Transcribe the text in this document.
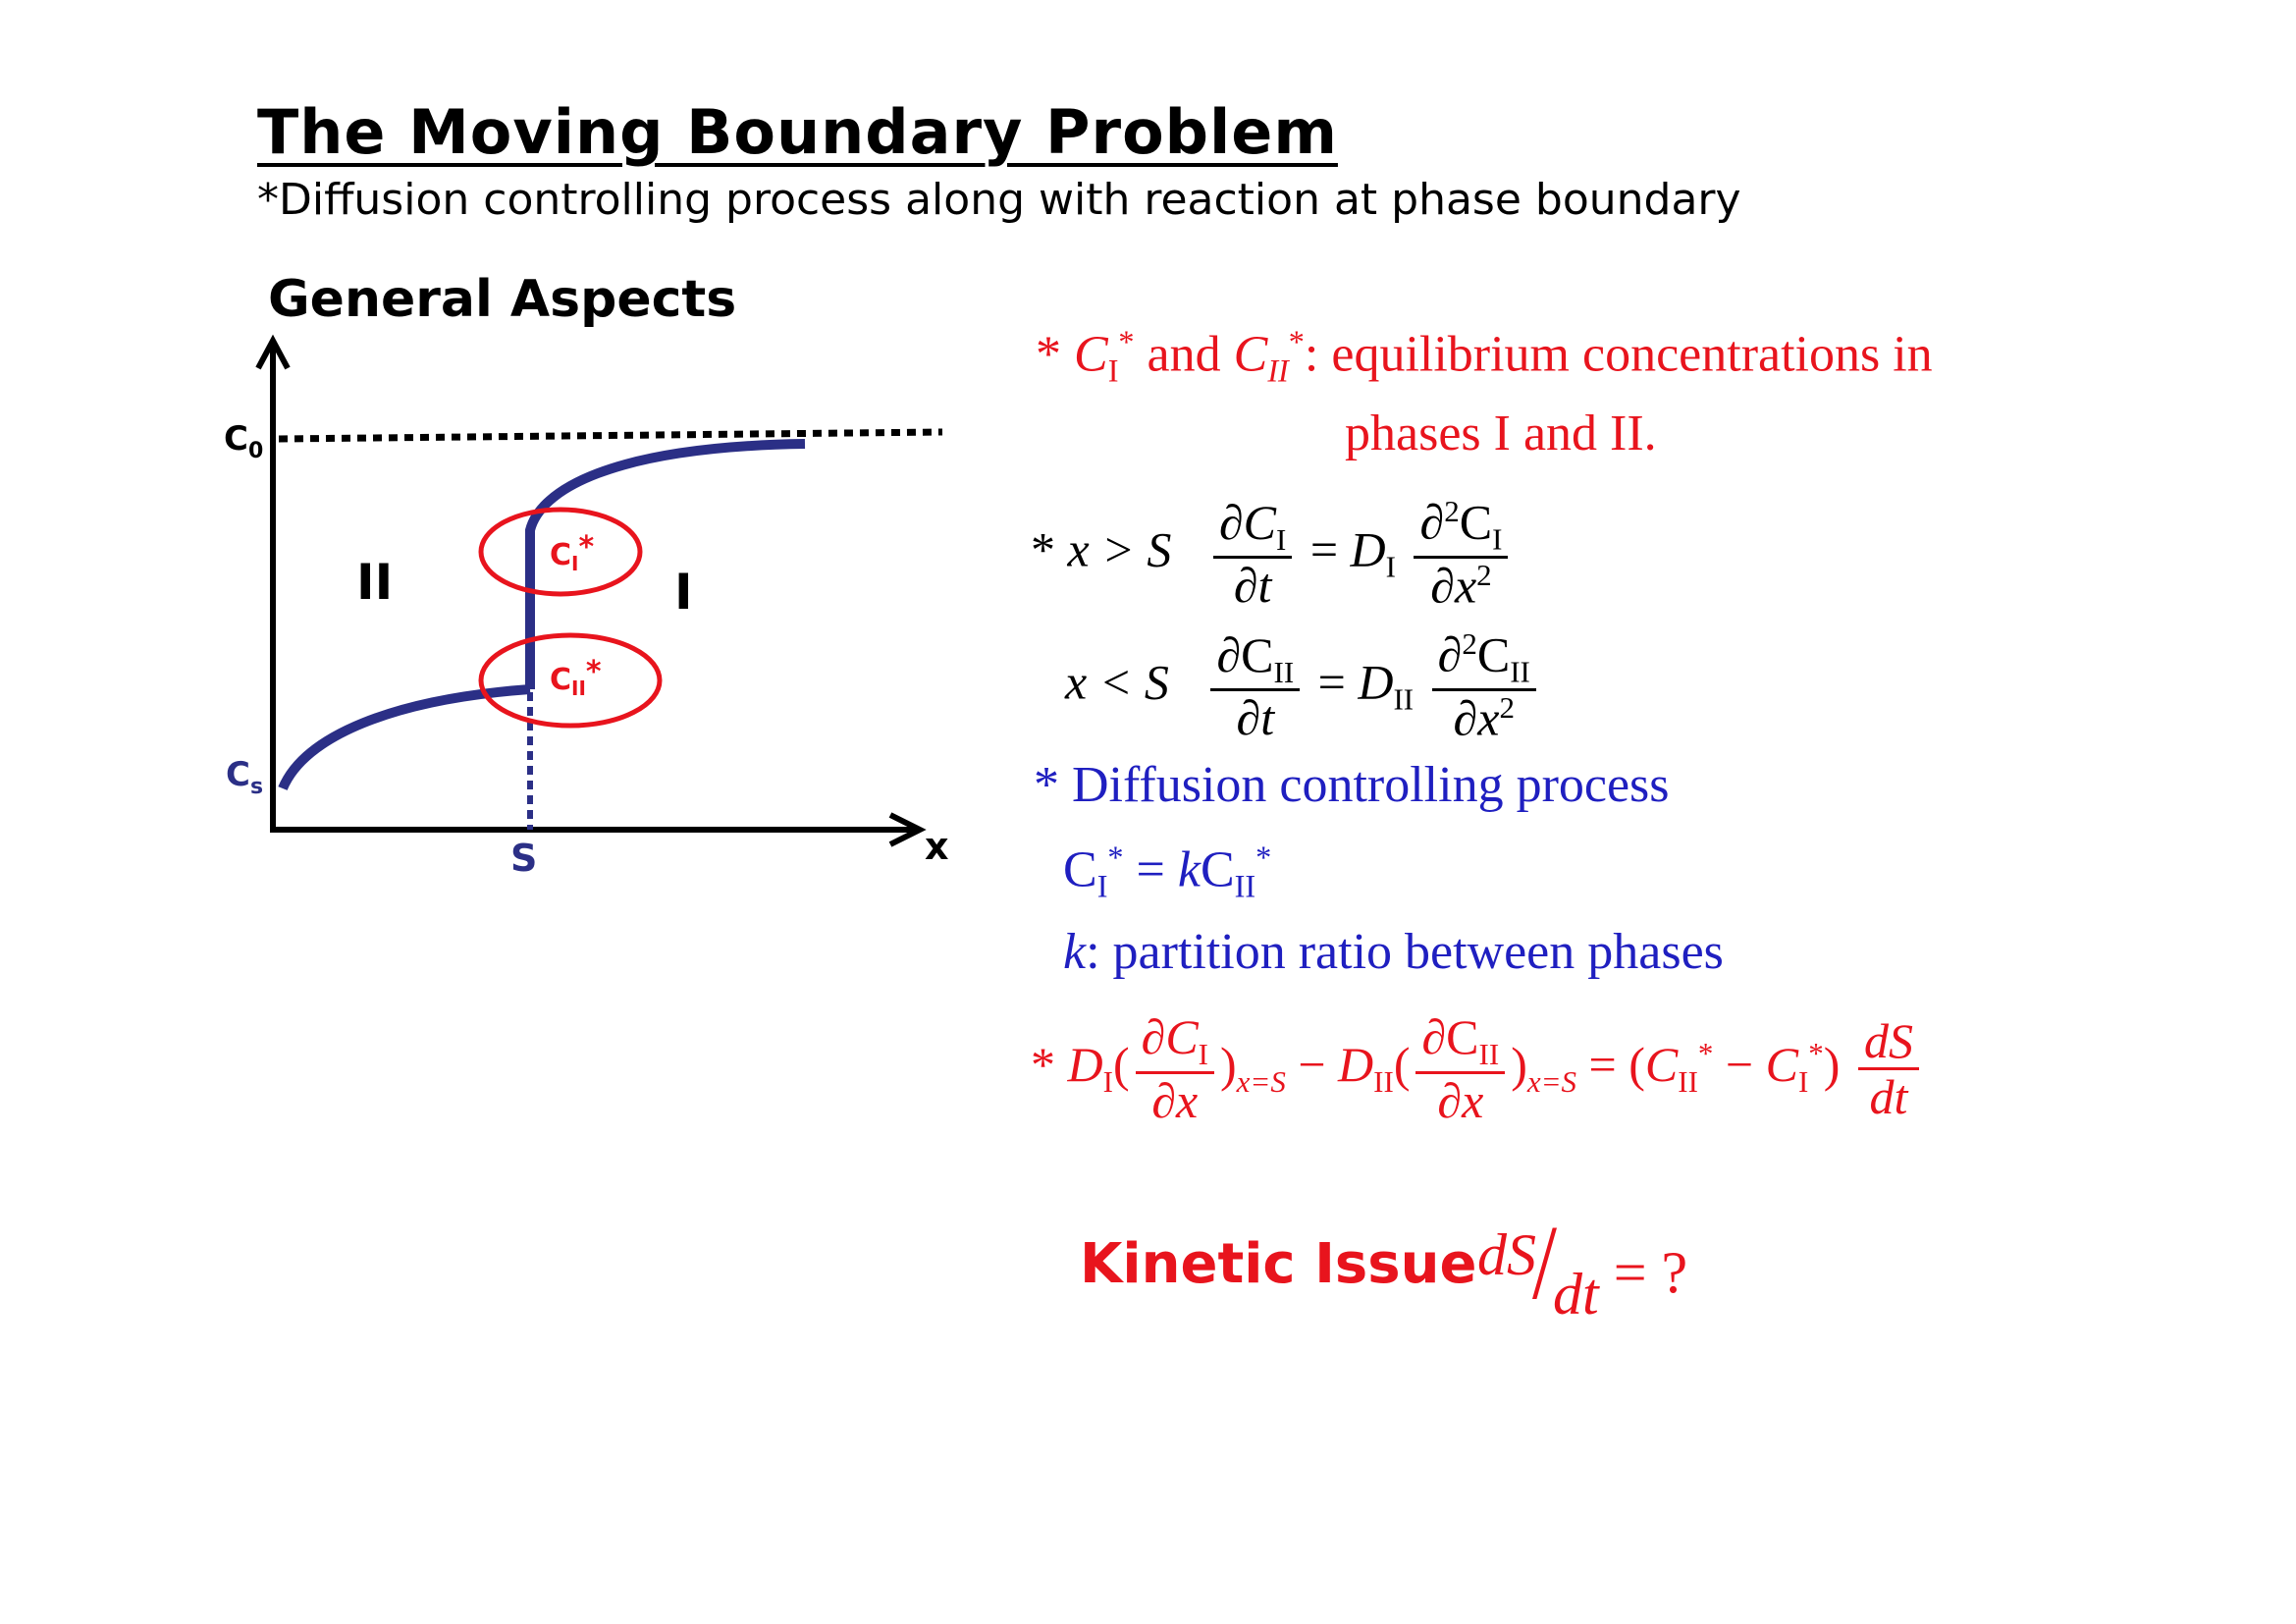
The Moving Boundary Problem
*Diffusion controlling process along with reaction at phase boundary
General Aspects
$C_0$
$C_s$
S	x
II	I
$C_I*$
$C_{II}*$
* $C_I^*$ and $C_{II}^*$: equilibrium concentrations in
phases I and II.
* x > S $\frac{\partial C_I}{\partial t} = D_I \frac{\partial^2C_I}{\partial x^2}$
x < S $\frac{\partial C_{II}}{\partial t} = D_{II} \frac{\partial^2C_{II}}{\partial x^2}$
* Diffusion controlling process
$C_I^* = kC_{II}^*$
k: partition ratio between phases
* $D_I( \frac{\partial C_I}{\partial x} )_{x=S} - D_{II}( \frac{\partial C_{II}}{\partial x} )_{x=S} = (C_{II}^* - C_I^*) \frac{dS}{dt}$
Kinetic Issue dS/dt = ?
